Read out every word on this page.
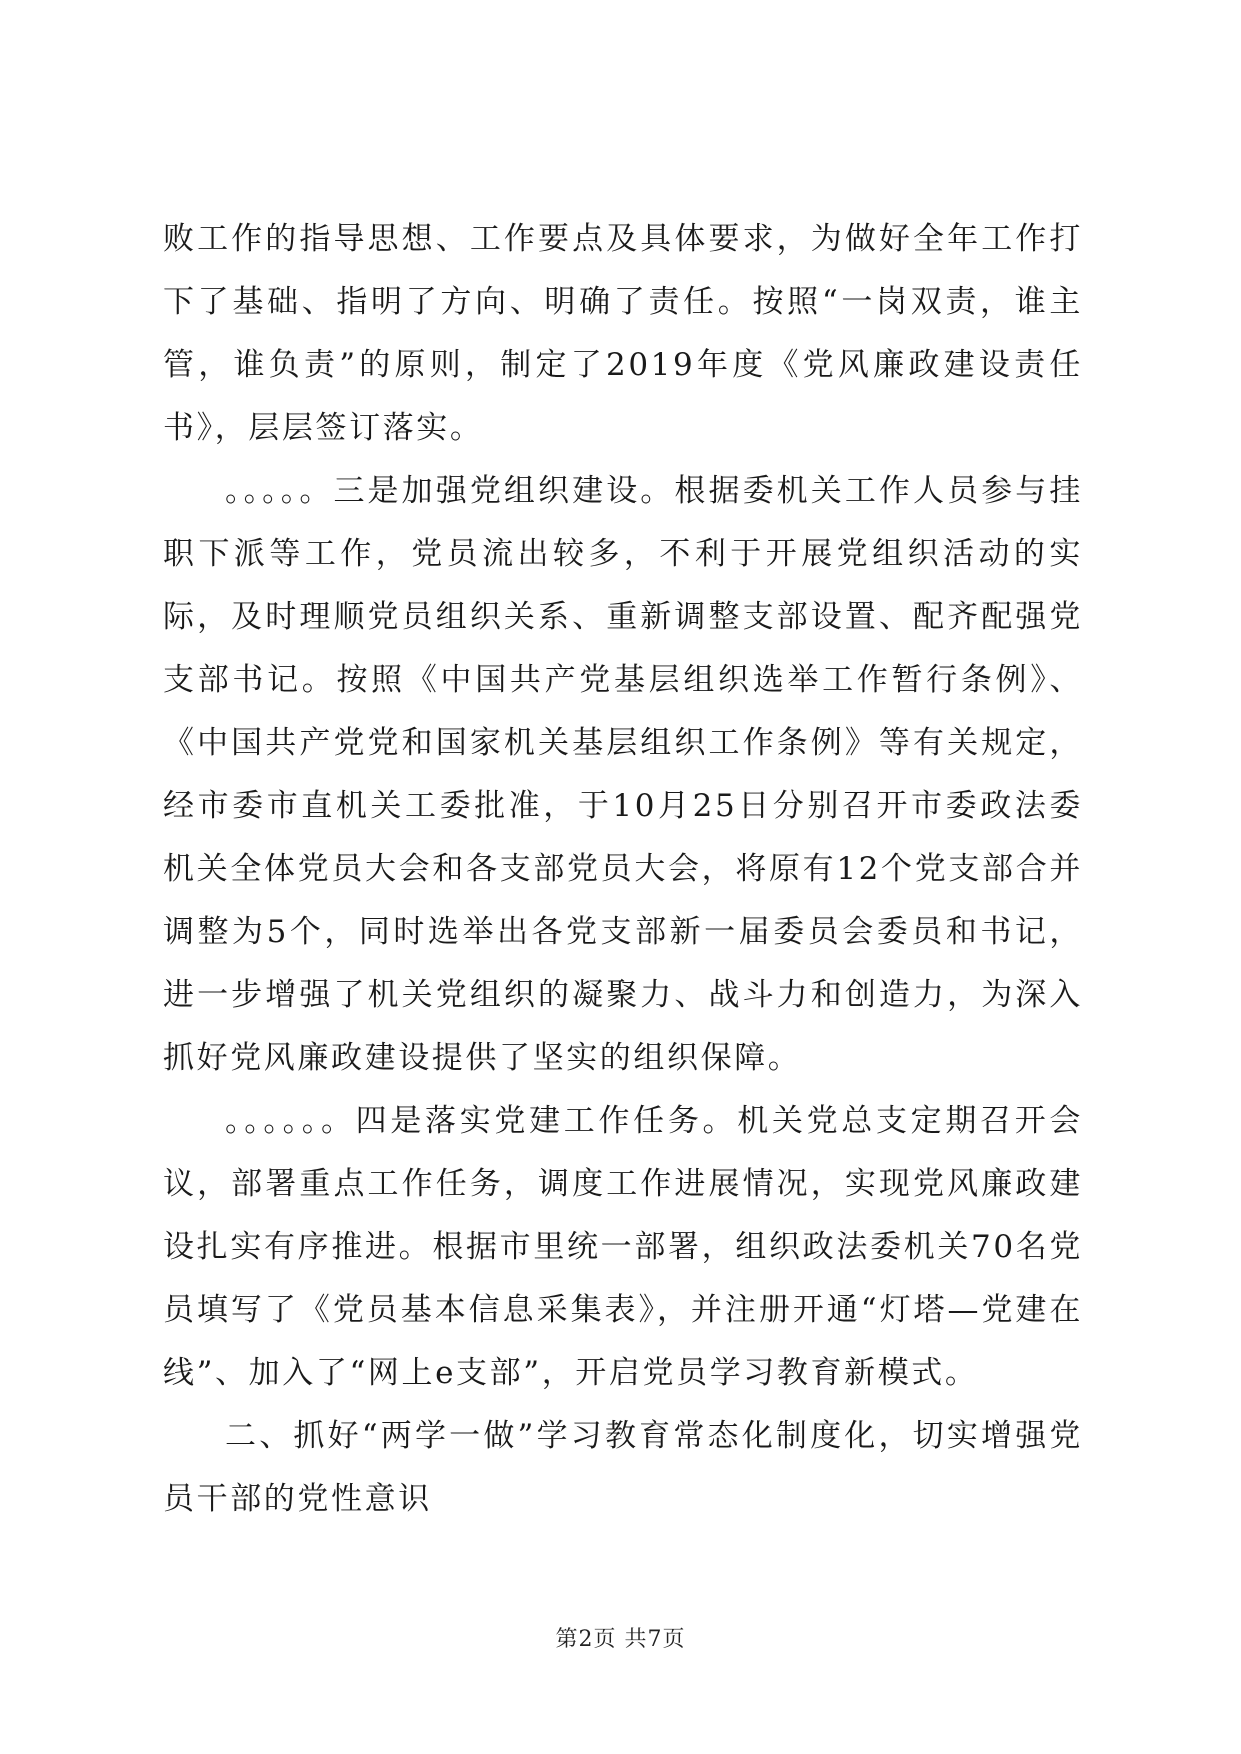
败工作的指导思想、工作要点及具体要求，为做好全年工作打下了基础、指明了方向、明确了责任。按照“一岗双责，谁主管，谁负责”的原则，制定了2019年度《党风廉政建设责任书》，层层签订落实。

。。。。。三是加强党组织建设。根据委机关工作人员参与挂职下派等工作，党员流出较多，不利于开展党组织活动的实际，及时理顺党员组织关系、重新调整支部设置、配齐配强党支部书记。按照《中国共产党基层组织选举工作暂行条例》、《中国共产党党和国家机关基层组织工作条例》等有关规定，经市委市直机关工委批准，于10月25日分别召开市委政法委机关全体党员大会和各支部党员大会，将原有12个党支部合并调整为5个，同时选举出各党支部新一届委员会委员和书记，进一步增强了机关党组织的凝聚力、战斗力和创造力，为深入抓好党风廉政建设提供了坚实的组织保障。

。。。。。。四是落实党建工作任务。机关党总支定期召开会议，部署重点工作任务，调度工作进展情况，实现党风廉政建设扎实有序推进。根据市里统一部署，组织政法委机关70名党员填写了《党员基本信息采集表》，并注册开通“灯塔—党建在线”、加入了“网上e支部”，开启党员学习教育新模式。

二、抓好“两学一做”学习教育常态化制度化，切实增强党员干部的党性意识

第2页 共7页
